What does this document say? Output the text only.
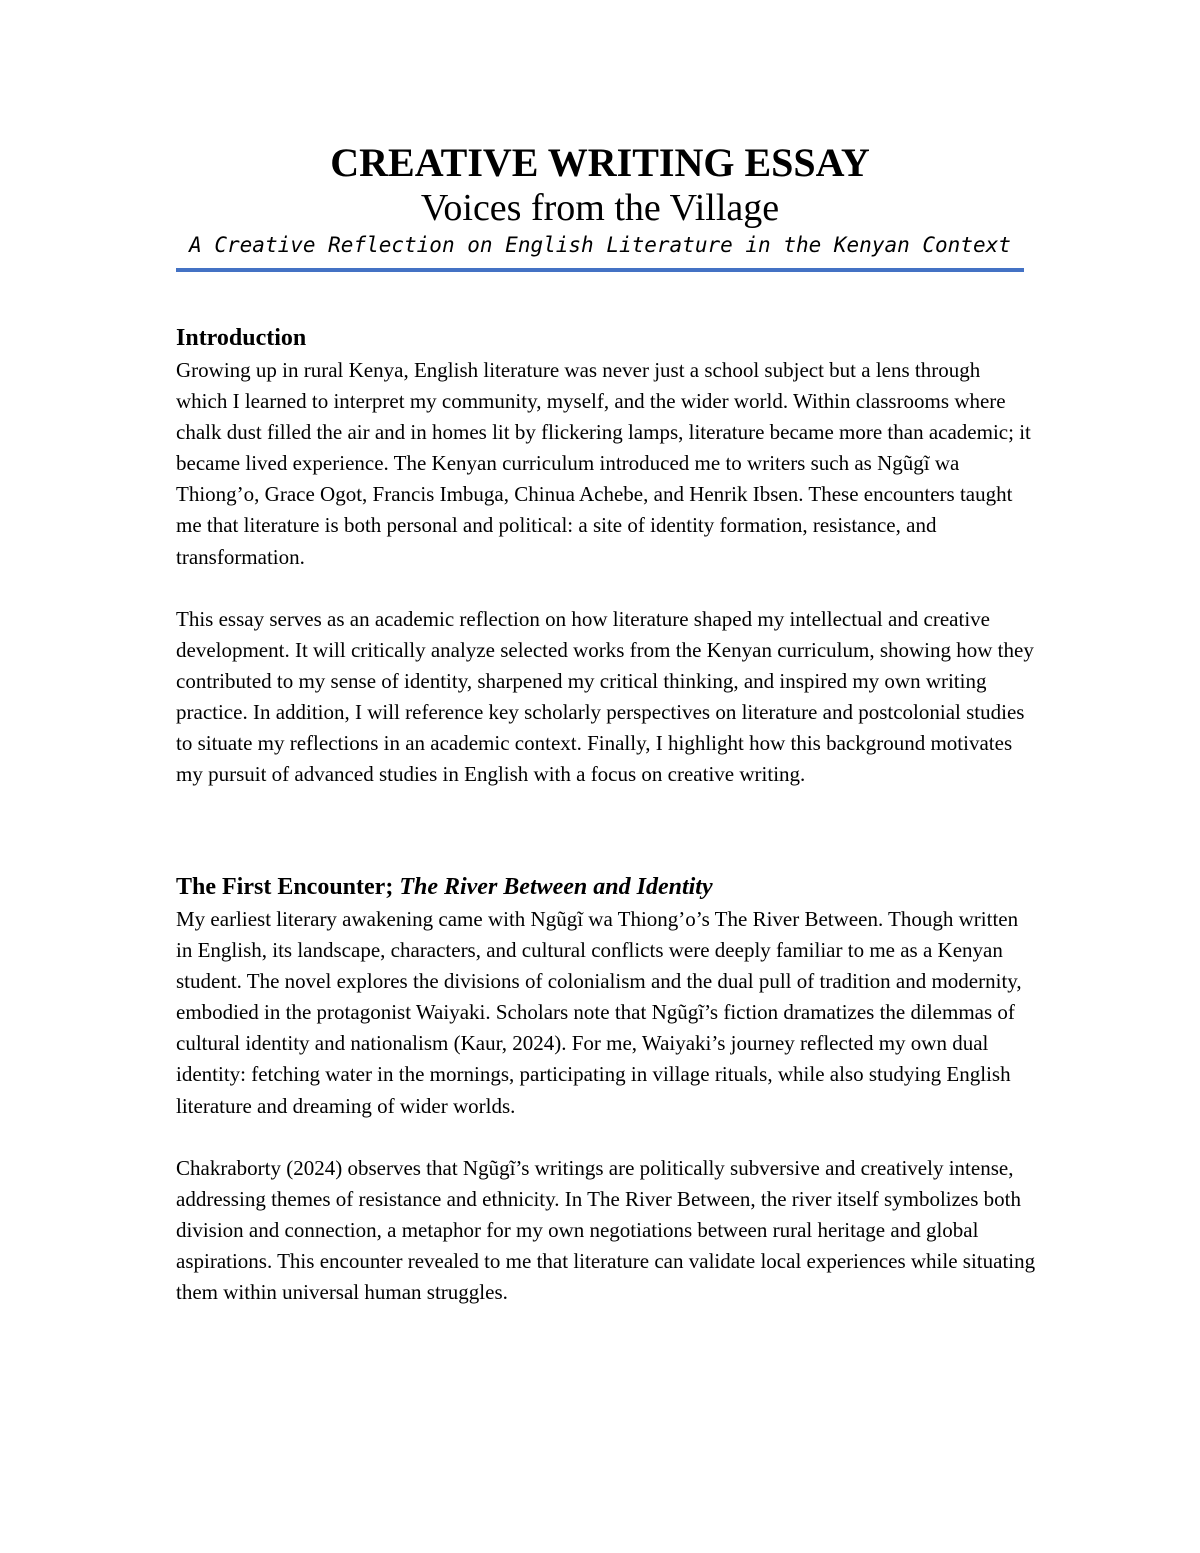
CREATIVE WRITING ESSAY
Voices from the Village
A Creative Reflection on English Literature in the Kenyan Context
Introduction

Growing up in rural Kenya, English literature was never just a school subject but a lens through which I learned to interpret my community, myself, and the wider world. Within classrooms where chalk dust filled the air and in homes lit by flickering lamps, literature became more than academic; it became lived experience. The Kenyan curriculum introduced me to writers such as Ngũgĩ wa Thiong’o, Grace Ogot, Francis Imbuga, Chinua Achebe, and Henrik Ibsen. These encounters taught me that literature is both personal and political: a site of identity formation, resistance, and transformation.

This essay serves as an academic reflection on how literature shaped my intellectual and creative development. It will critically analyze selected works from the Kenyan curriculum, showing how they contributed to my sense of identity, sharpened my critical thinking, and inspired my own writing practice. In addition, I will reference key scholarly perspectives on literature and postcolonial studies to situate my reflections in an academic context. Finally, I highlight how this background motivates my pursuit of advanced studies in English with a focus on creative writing.

The First Encounter; The River Between and Identity

My earliest literary awakening came with Ngũgĩ wa Thiong’o’s The River Between. Though written in English, its landscape, characters, and cultural conflicts were deeply familiar to me as a Kenyan student. The novel explores the divisions of colonialism and the dual pull of tradition and modernity, embodied in the protagonist Waiyaki. Scholars note that Ngũgĩ’s fiction dramatizes the dilemmas of cultural identity and nationalism (Kaur, 2024). For me, Waiyaki’s journey reflected my own dual identity: fetching water in the mornings, participating in village rituals, while also studying English literature and dreaming of wider worlds.

Chakraborty (2024) observes that Ngũgĩ’s writings are politically subversive and creatively intense, addressing themes of resistance and ethnicity. In The River Between, the river itself symbolizes both division and connection, a metaphor for my own negotiations between rural heritage and global aspirations. This encounter revealed to me that literature can validate local experiences while situating them within universal human struggles.
